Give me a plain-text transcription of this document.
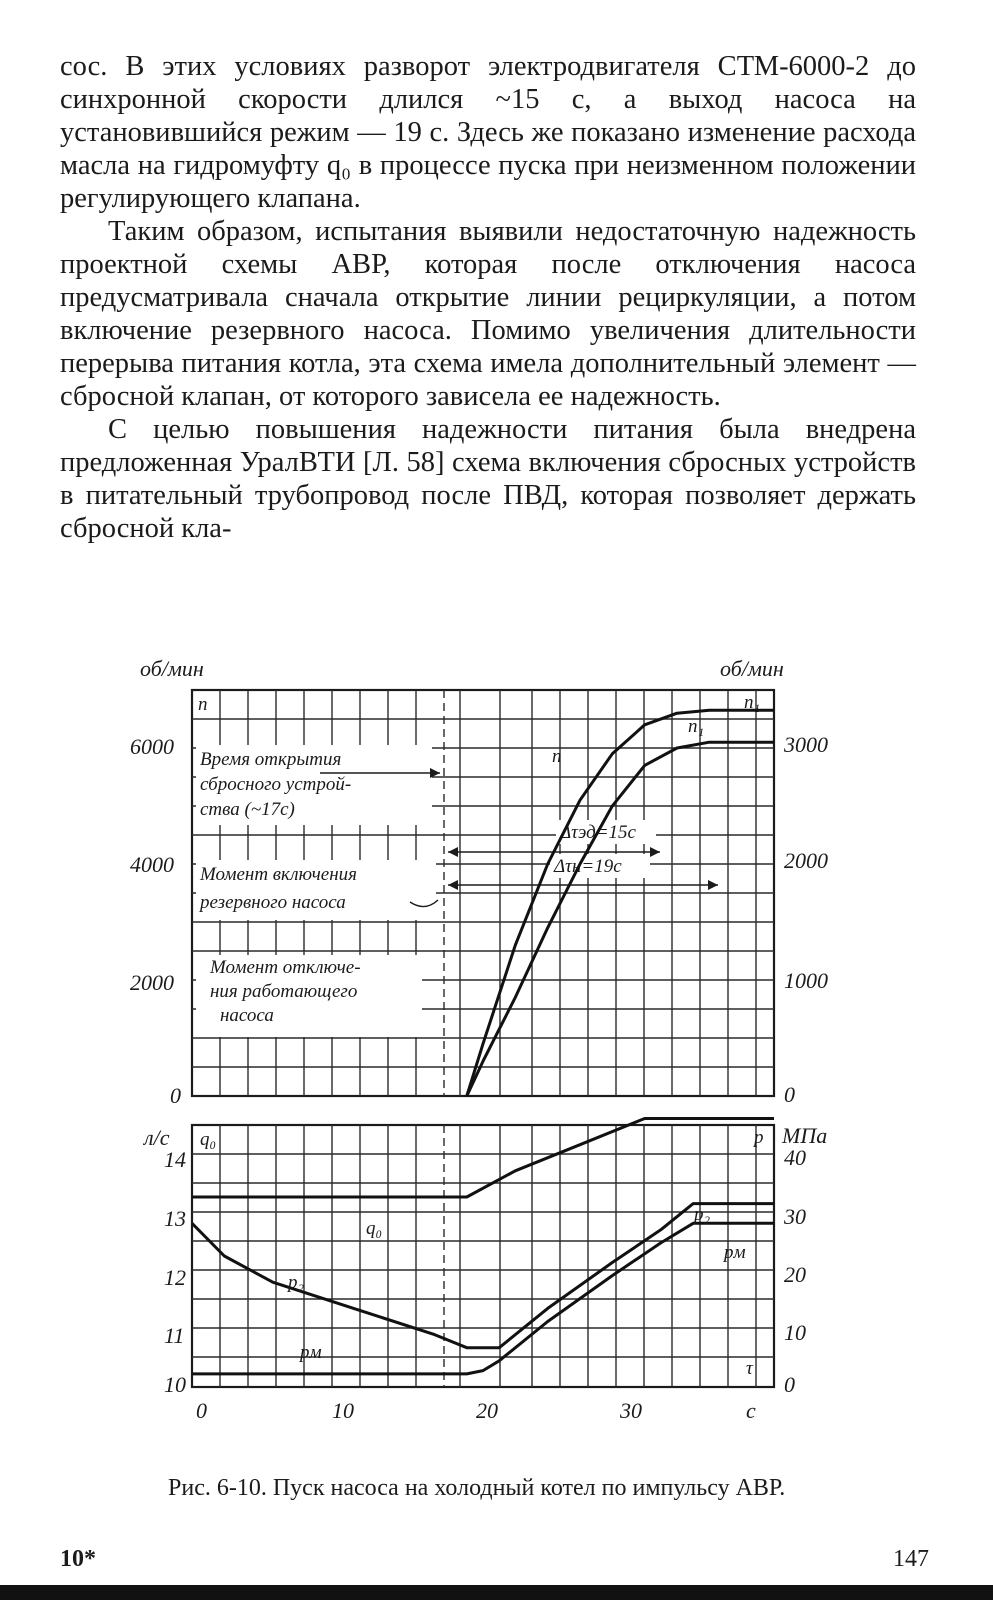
сос. В этих условиях разворот электродвигателя СТМ-6000-2 до синхронной скорости длился ~15 с, а выход насоса на установившийся режим — 19 с. Здесь же показано изменение расхода масла на гидромуфту q₀ в процессе пуска при неизменном положении регулирующего клапана.

Таким образом, испытания выявили недостаточную надежность проектной схемы АВР, которая после отключения насоса предусматривала сначала открытие линии рециркуляции, а потом включение резервного насоса. Помимо увеличения длительности перерыва питания котла, эта схема имела дополнительный элемент — сбросной клапан, от которого зависела ее надежность.

С целью повышения надежности питания была внедрена предложенная УралВТИ [Л. 58] схема включения сбросных устройств в питательный трубопровод после ПВД, которая позволяет держать сбросной кла-

об/мин	об/мин
n	n₁
6000
4000
2000
0
3000
2000
1000
0
Время открытия
сбросного устрой-
ства (~17с)
Момент включения
резервного насоса
Момент отключе-
ния работающего
насоса
Δτэд=15с
Δτн=19с
n
n₁
л/с	МПа
q₀	p
14
13
12
11
10
40
30
20
10
0
0	10	20	30	с
q₀
p₂
pм
p₂
pм
τ
Рис. 6-10. Пуск насоса на холодный котел по импульсу АВР.
10*	147
